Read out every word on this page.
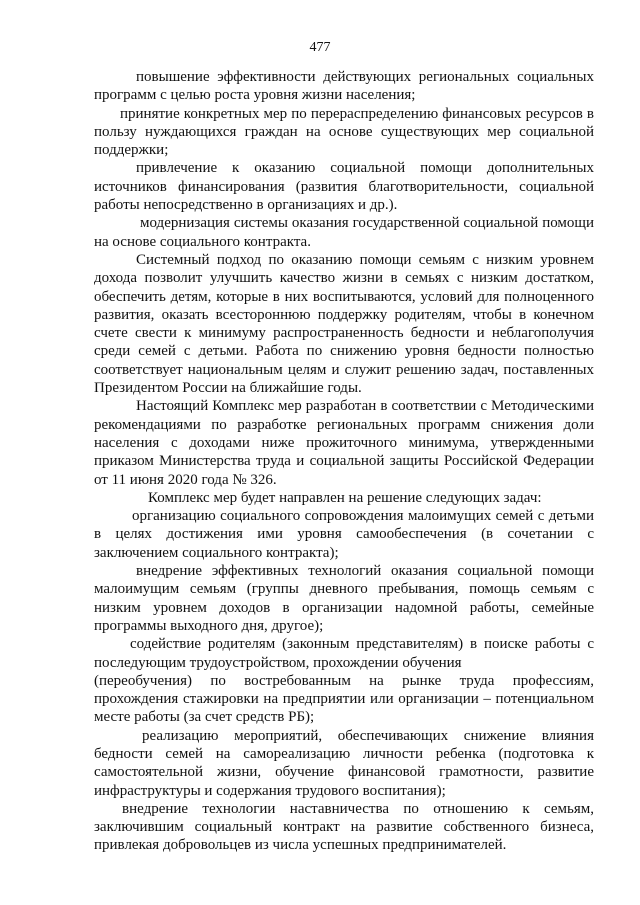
477

повышение эффективности действующих региональных социальных программ с целью роста уровня жизни населения;

принятие конкретных мер по перераспределению финансовых ресурсов в пользу нуждающихся граждан на основе существующих мер социальной поддержки;

привлечение к оказанию социальной помощи дополнительных источников финансирования (развития благотворительности, социальной работы непосредственно в организациях и др.).

модернизация системы оказания государственной социальной помощи на основе социального контракта.

Системный подход по оказанию помощи семьям с низким уровнем дохода позволит улучшить качество жизни в семьях с низким достатком, обеспечить детям, которые в них воспитываются, условий для полноценного развития, оказать всестороннюю поддержку родителям, чтобы в конечном счете свести к минимуму распространенность бедности и неблагополучия среди семей с детьми. Работа по снижению уровня бедности полностью соответствует национальным целям и служит решению задач, поставленных Президентом России на ближайшие годы.

Настоящий Комплекс мер разработан в соответствии с Методическими рекомендациями по разработке региональных программ снижения доли населения с доходами ниже прожиточного минимума, утвержденными приказом Министерства труда и социальной защиты Российской Федерации от 11 июня 2020 года № 326.

Комплекс мер будет направлен на решение следующих задач:

организацию социального сопровождения малоимущих семей с детьми в целях достижения ими уровня самообеспечения (в сочетании с заключением социального контракта);

внедрение эффективных технологий оказания социальной помощи малоимущим семьям (группы дневного пребывания, помощь семьям с низким уровнем доходов в организации надомной работы, семейные программы выходного дня, другое);

содействие родителям (законным представителям) в поиске работы с последующим трудоустройством, прохождении обучения

(переобучения) по востребованным на рынке труда профессиям, прохождения стажировки на предприятии или организации – потенциальном месте работы (за счет средств РБ);

реализацию мероприятий, обеспечивающих снижение влияния бедности семей на самореализацию личности ребенка (подготовка к самостоятельной жизни, обучение финансовой грамотности, развитие инфраструктуры и содержания трудового воспитания);

внедрение технологии наставничества по отношению к семьям, заключившим социальный контракт на развитие собственного бизнеса, привлекая добровольцев из числа успешных предпринимателей.
